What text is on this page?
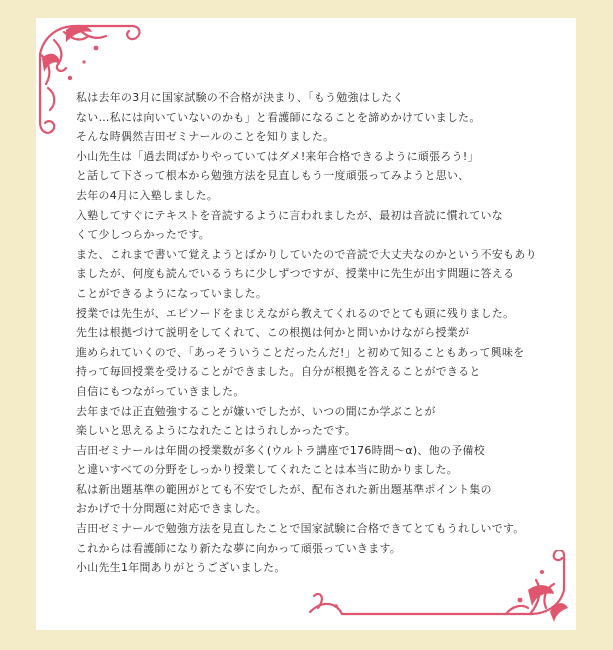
私は去年の3月に国家試験の不合格が決まり、「もう勉強はしたく
ない…私には向いていないのかも」と看護師になることを諦めかけていました。
そんな時偶然吉田ゼミナールのことを知りました。
小山先生は「過去問ばかりやっていてはダメ!来年合格できるように頑張ろう!」
と話して下さって根本から勉強方法を見直しもう一度頑張ってみようと思い、
去年の4月に入塾しました。
入塾してすぐにテキストを音読するように言われましたが、最初は音読に慣れていな
くて少しつらかったです。
また、これまで書いて覚えようとばかりしていたので音読で大丈夫なのかという不安もあり
ましたが、何度も読んでいるうちに少しずつですが、授業中に先生が出す問題に答える
ことができるようになっていました。
授業では先生が、エピソードをまじえながら教えてくれるのでとても頭に残りました。
先生は根拠づけて説明をしてくれて、この根拠は何かと問いかけながら授業が
進められていくので、「あっそういうことだったんだ!」と初めて知ることもあって興味を
持って毎回授業を受けることができました。自分が根拠を答えることができると
自信にもつながっていきました。
去年までは正直勉強することが嫌いでしたが、いつの間にか学ぶことが
楽しいと思えるようになれたことはうれしかったです。
吉田ゼミナールは年間の授業数が多く(ウルトラ講座で176時間〜α)、他の予備校
と違いすべての分野をしっかり授業してくれたことは本当に助かりました。
私は新出題基準の範囲がとても不安でしたが、配布された新出題基準ポイント集の
おかげで十分問題に対応できました。
吉田ゼミナールで勉強方法を見直したことで国家試験に合格できてとてもうれしいです。
これからは看護師になり新たな夢に向かって頑張っていきます。
小山先生1年間ありがとうございました。
